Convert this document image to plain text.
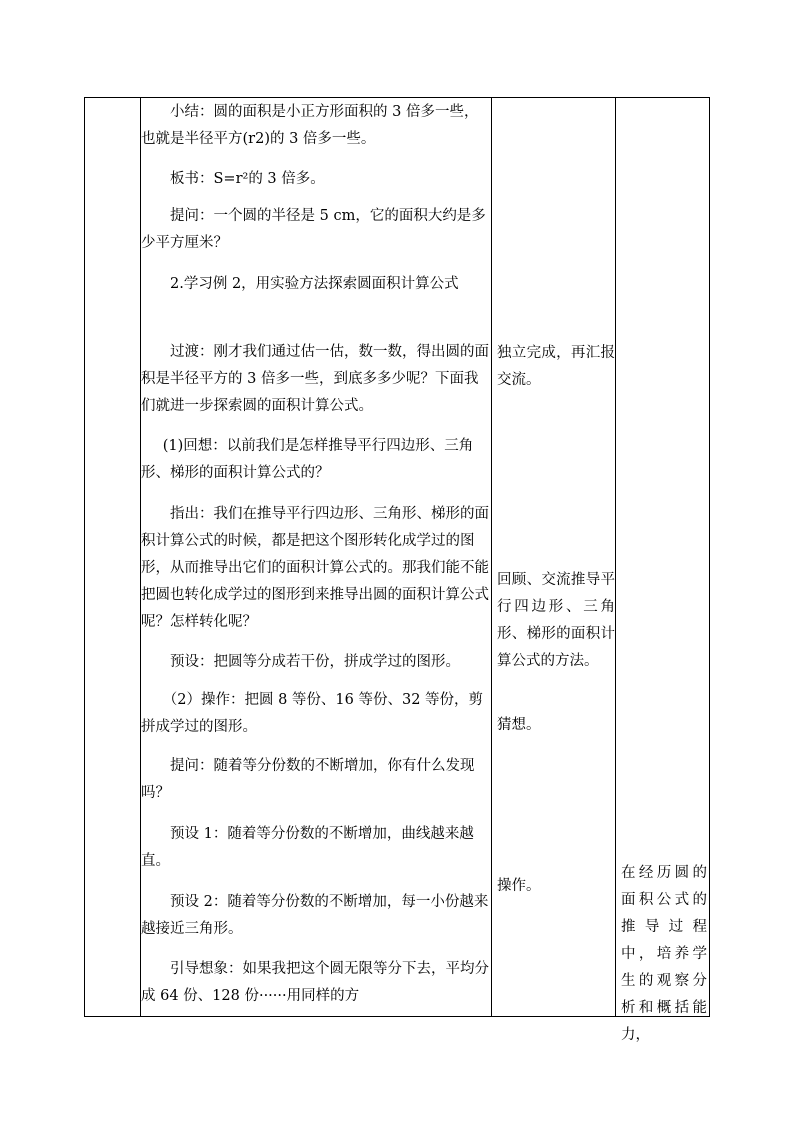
小结：圆的面积是小正方形面积的 3 倍多一些，也就是半径平方(r2)的 3 倍多一些。

板书：S=r²的 3 倍多。

提问：一个圆的半径是 5 cm，它的面积大约是多少平方厘米？

2.学习例 2，用实验方法探索圆面积计算公式

过渡：刚才我们通过估一估，数一数，得出圆的面积是半径平方的 3 倍多一些，到底多多少呢？下面我们就进一步探索圆的面积计算公式。

(1)回想：以前我们是怎样推导平行四边形、三角形、梯形的面积计算公式的？

指出：我们在推导平行四边形、三角形、梯形的面积计算公式的时候，都是把这个图形转化成学过的图形，从而推导出它们的面积计算公式的。那我们能不能把圆也转化成学过的图形到来推导出圆的面积计算公式呢？怎样转化呢？

预设：把圆等分成若干份，拼成学过的图形。

（2）操作：把圆 8 等份、16 等份、32 等份，剪拼成学过的图形。

提问：随着等分份数的不断增加，你有什么发现吗？

预设 1：随着等分份数的不断增加，曲线越来越直。

预设 2：随着等分份数的不断增加，每一小份越来越接近三角形。

引导想象：如果我把这个圆无限等分下去，平均分成 64 份、128 份······用同样的方

独立完成，再汇报交流。

回顾、交流推导平行四边形、三角形、梯形的面积计算公式的方法。

猜想。

操作。

在经历圆的面积公式的推导过程中，培养学生的观察分析和概括能力，
